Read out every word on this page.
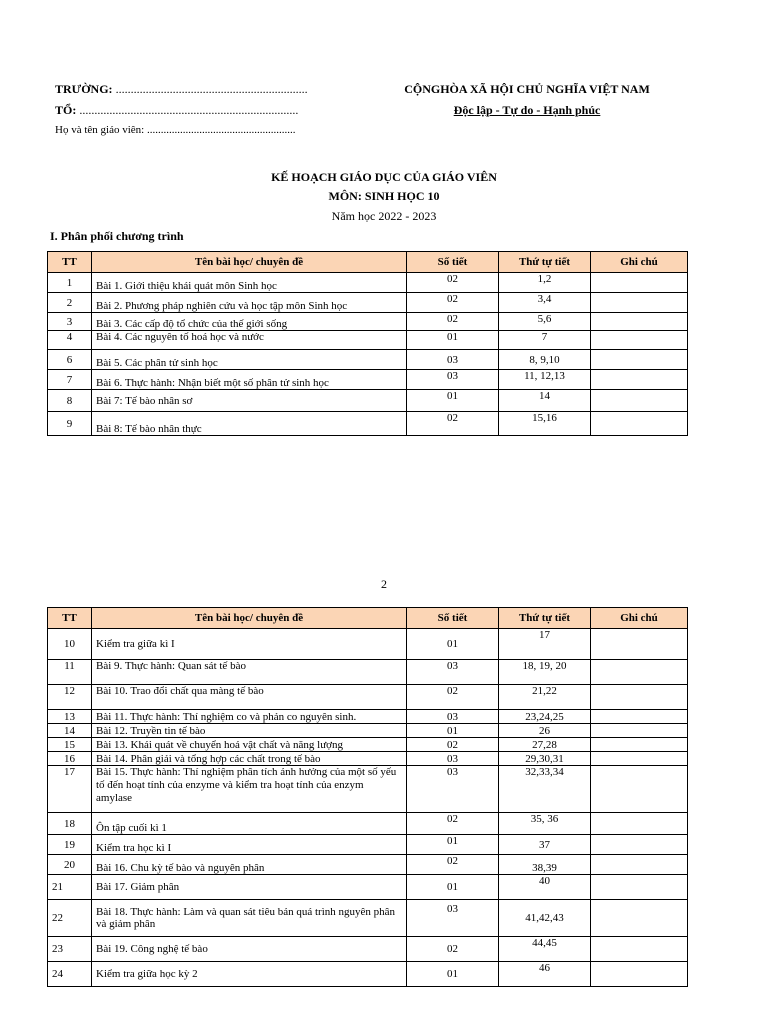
TRƯỜNG: ................................................................
TỔ: .........................................................................
Họ và tên giáo viên: ......................................................
CỘNGHÒA XÃ HỘI CHỦ NGHĨA VIỆT NAM
Độc lập - Tự do - Hạnh phúc
KẾ HOẠCH GIÁO DỤC CỦA GIÁO VIÊN
MÔN: SINH HỌC 10
Năm học 2022 - 2023
I. Phân phối chương trình
TT	Tên bài học/ chuyên đề	Số tiết	Thứ tự tiết	Ghi chú
1	Bài 1. Giới thiệu khái quát môn Sinh học	02	1,2	
2	Bài 2. Phương pháp nghiên cứu và học tập môn Sinh học	02	3,4	
3	Bài 3. Các cấp độ tổ chức của thế giới sống	02	5,6	
4	Bài 4. Các nguyên tố hoá học và nước	01	7	
6	Bài 5. Các phân tử sinh học	03	8, 9,10	
7	Bài 6. Thực hành: Nhận biết một số phân tử sinh học	03	11, 12,13	
8	Bài 7: Tế bào nhân sơ	01	14	
9	Bài 8: Tế bào nhân thực	02	15,16	
2
TT	Tên bài học/ chuyên đề	Số tiết	Thứ tự tiết	Ghi chú
10	Kiểm tra giữa kì I	01	17	
11	Bài 9. Thực hành: Quan sát tế bào	03	18, 19, 20	
12	Bài 10. Trao đổi chất qua màng tế bào	02	21,22	
13	Bài 11. Thực hành: Thí nghiệm co và phản co nguyên sinh.	03	23,24,25	
14	Bài 12. Truyền tin tế bào	01	26	
15	Bài 13. Khái quát về chuyển hoá vật chất và năng lượng	02	27,28	
16	Bài 14. Phân giải và tổng hợp các chất trong tế bào	03	29,30,31	
17	Bài 15. Thực hành: Thí nghiệm phân tích ảnh hưởng của một số yếu tố đến hoạt tính của enzyme và kiểm tra hoạt tính của enzym amylase	03	32,33,34	
18	Ôn tập cuối kì 1	02	35, 36	
19	Kiểm tra học kì I	01	37	
20	Bài 16. Chu kỳ tế bào và nguyên phân	02	38,39	
21	Bài 17. Giảm phân	01	40	
22	Bài 18. Thực hành: Làm và quan sát tiêu bản quá trình nguyên phân và giảm phân	03	41,42,43	
23	Bài 19. Công nghệ tế bào	02	44,45	
24	Kiểm tra giữa học kỳ 2	01	46	
